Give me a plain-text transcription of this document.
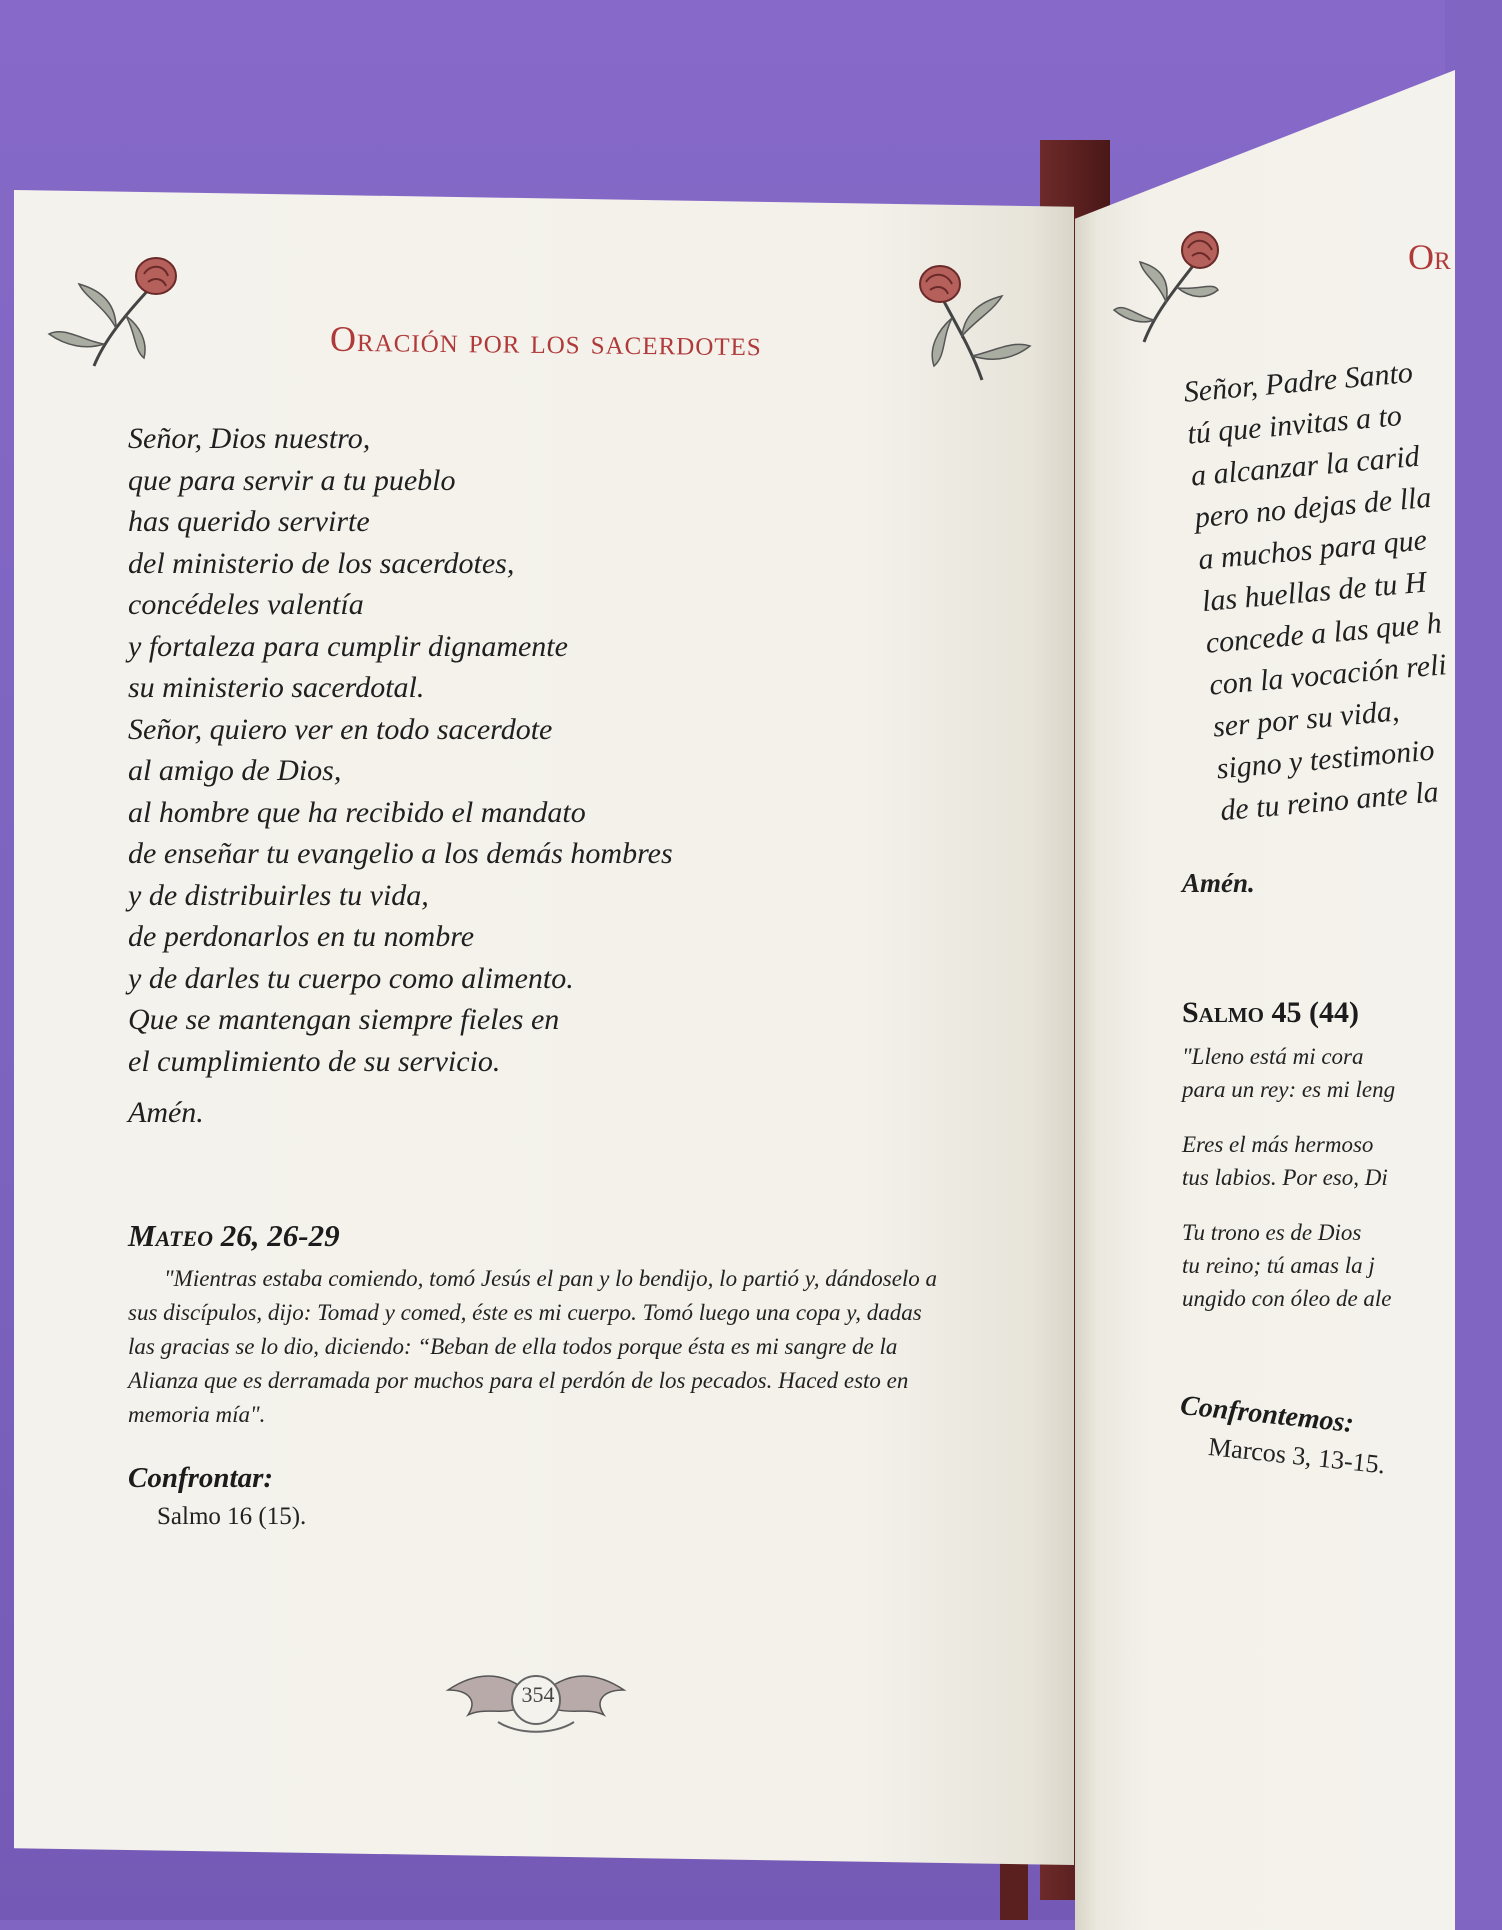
Oración por los sacerdotes
Señor, Dios nuestro,
que para servir a tu pueblo
has querido servirte
del ministerio de los sacerdotes,
concédeles valentía
y fortaleza para cumplir dignamente
su ministerio sacerdotal.
Señor, quiero ver en todo sacerdote
al amigo de Dios,
al hombre que ha recibido el mandato
de enseñar tu evangelio a los demás hombres
y de distribuirles tu vida,
de perdonarlos en tu nombre
y de darles tu cuerpo como alimento.
Que se mantengan siempre fieles en
el cumplimiento de su servicio.
Amén.
Mateo 26, 26-29
"Mientras estaba comiendo, tomó Jesús el pan y lo bendijo, lo partió y, dándoselo a sus discípulos, dijo: Tomad y comed, éste es mi cuerpo. Tomó luego una copa y, dadas las gracias se lo dio, diciendo: “Beban de ella todos porque ésta es mi sangre de la Alianza que es derramada por muchos para el perdón de los pecados. Haced esto en memoria mía".
Confrontar:
Salmo 16 (15).
354
Or
Señor, Padre Santo
tú que invitas a to
a alcanzar la carid
pero no dejas de lla
a muchos para que
las huellas de tu H
concede a las que h
con la vocación reli
ser por su vida,
signo y testimonio
de tu reino ante la
Amén.
Salmo 45 (44)

"Lleno está mi cora
para un rey: es mi leng

Eres el más hermoso
tus labios. Por eso, Di

Tu trono es de Dios
tu reino; tú amas la j
ungido con óleo de ale

Confrontemos:
Marcos 3, 13-15.
